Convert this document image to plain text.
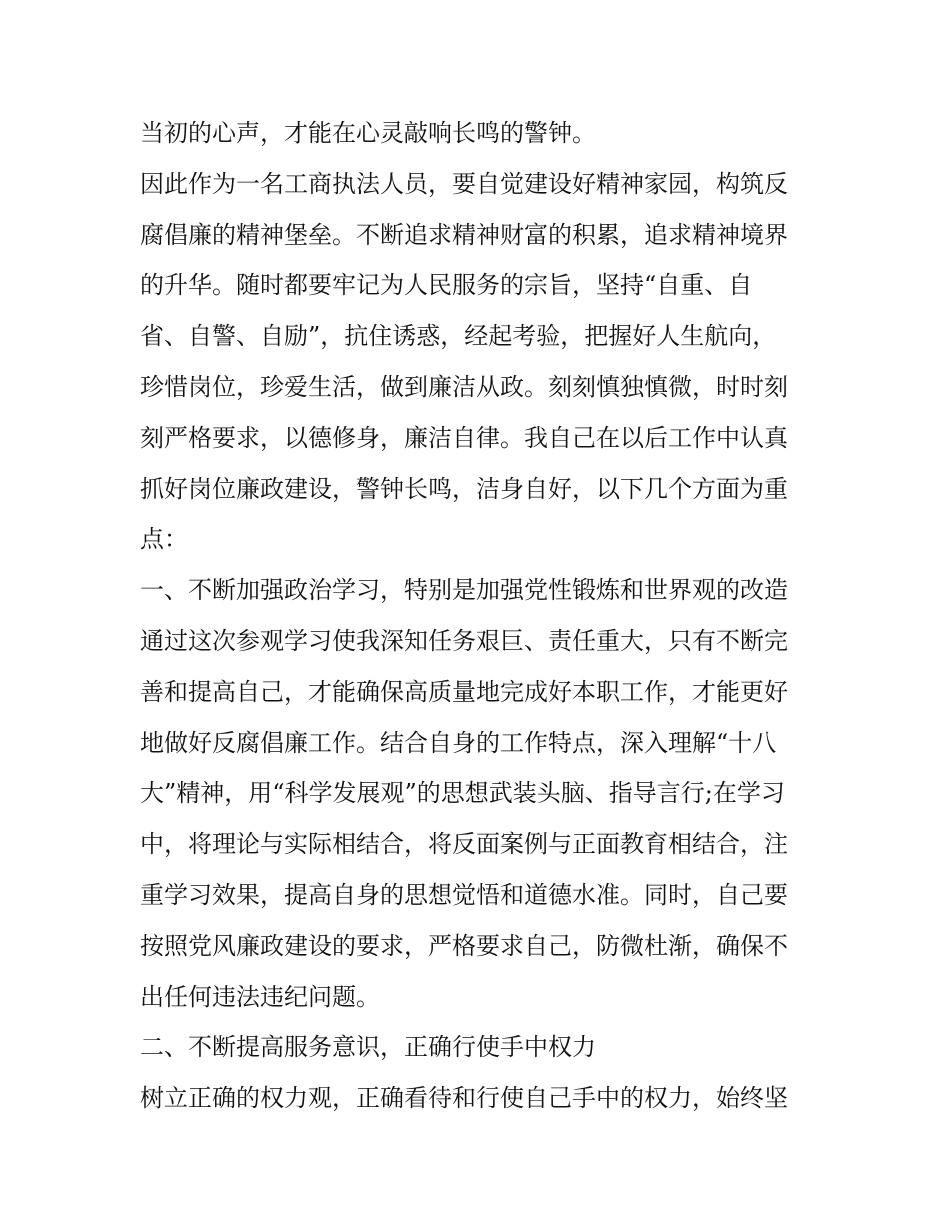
当初的心声，才能在心灵敲响长鸣的警钟。
因此作为一名工商执法人员，要自觉建设好精神家园，构筑反
腐倡廉的精神堡垒。不断追求精神财富的积累，追求精神境界
的升华。随时都要牢记为人民服务的宗旨，坚持“自重、自
省、自警、自励”，抗住诱惑，经起考验，把握好人生航向，
珍惜岗位，珍爱生活，做到廉洁从政。刻刻慎独慎微，时时刻
刻严格要求，以德修身，廉洁自律。我自己在以后工作中认真
抓好岗位廉政建设，警钟长鸣，洁身自好，以下几个方面为重
点：
一、不断加强政治学习，特别是加强党性锻炼和世界观的改造
通过这次参观学习使我深知任务艰巨、责任重大，只有不断完
善和提高自己，才能确保高质量地完成好本职工作，才能更好
地做好反腐倡廉工作。结合自身的工作特点，深入理解“十八
大”精神，用“科学发展观”的思想武装头脑、指导言行;在学习
中，将理论与实际相结合，将反面案例与正面教育相结合，注
重学习效果，提高自身的思想觉悟和道德水准。同时，自己要
按照党风廉政建设的要求，严格要求自己，防微杜渐，确保不
出任何违法违纪问题。
二、不断提高服务意识，正确行使手中权力
树立正确的权力观，正确看待和行使自己手中的权力，始终坚
